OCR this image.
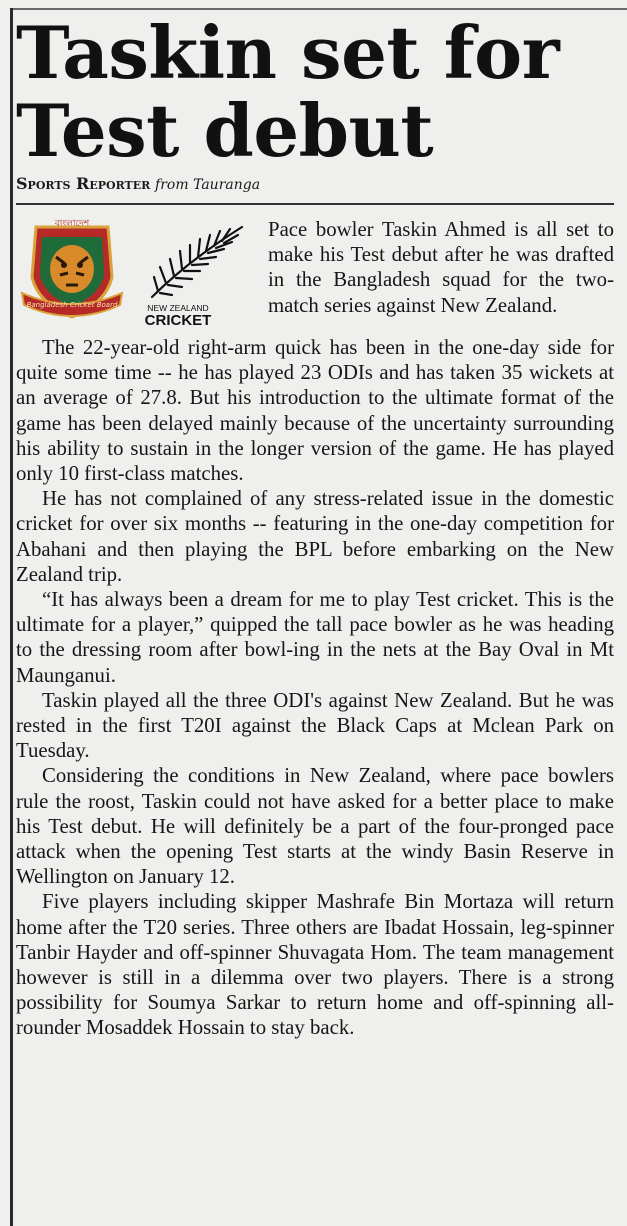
Taskin set for
Test debut
Sports Reporter from Tauranga
বাংলাদেশ
Bangladesh Cricket Board	NEW ZEALAND
CRICKET

Pace bowler Taskin Ahmed is all set to make his Test debut after he was drafted in the Bangladesh squad for the two-match series against New Zealand.

The 22-year-old right-arm quick has been in the one-day side for quite some time -- he has played 23 ODIs and has taken 35 wickets at an average of 27.8. But his introduction to the ultimate format of the game has been delayed mainly because of the uncertainty surrounding his ability to sustain in the longer version of the game. He has played only 10 first-class matches.

He has not complained of any stress-related issue in the domestic cricket for over six months -- featuring in the one-day competition for Abahani and then playing the BPL before embarking on the New Zealand trip.

“It has always been a dream for me to play Test cricket. This is the ultimate for a player,” quipped the tall pace bowler as he was heading to the dressing room after bowl-ing in the nets at the Bay Oval in Mt Maunganui.

Taskin played all the three ODI's against New Zealand. But he was rested in the first T20I against the Black Caps at Mclean Park on Tuesday.

Considering the conditions in New Zealand, where pace bowlers rule the roost, Taskin could not have asked for a better place to make his Test debut. He will definitely be a part of the four-pronged pace attack when the opening Test starts at the windy Basin Reserve in Wellington on January 12.

Five players including skipper Mashrafe Bin Mortaza will return home after the T20 series. Three others are Ibadat Hossain, leg-spinner Tanbir Hayder and off-spinner Shuvagata Hom. The team management however is still in a dilemma over two players. There is a strong possibility for Soumya Sarkar to return home and off-spinning all-rounder Mosaddek Hossain to stay back.
